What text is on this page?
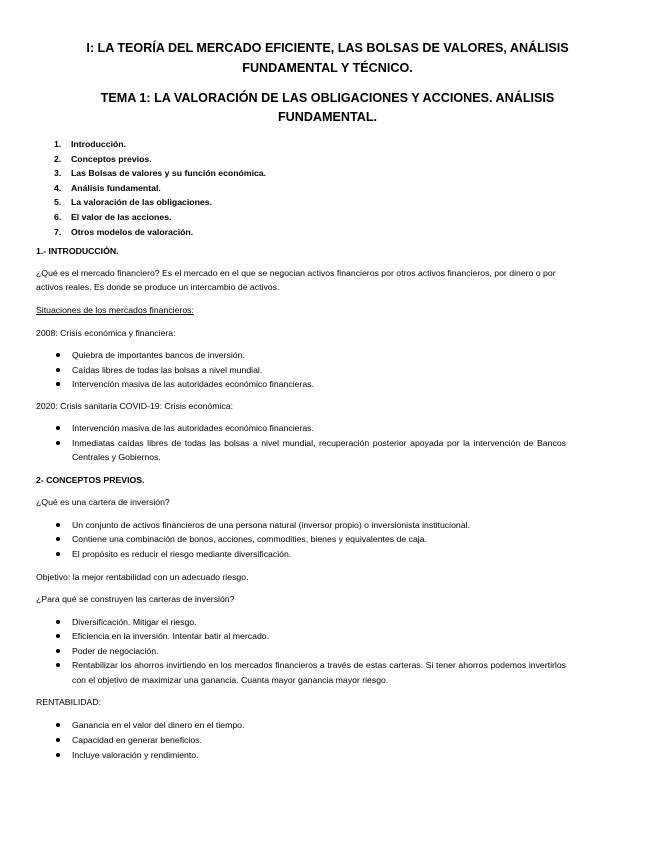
I: LA TEORÍA DEL MERCADO EFICIENTE, LAS BOLSAS DE VALORES, ANÁLISIS
FUNDAMENTAL Y TÉCNICO.
TEMA 1: LA VALORACIÓN DE LAS OBLIGACIONES Y ACCIONES. ANÁLISIS
FUNDAMENTAL.
1. Introducción.
2. Conceptos previos.
3. Las Bolsas de valores y su función económica.
4. Análisis fundamental.
5. La valoración de las obligaciones.
6. El valor de las acciones.
7. Otros modelos de valoración.

1.- INTRODUCCIÓN.

¿Qué es el mercado financiero? Es el mercado en el que se negocian activos financieros por otros activos financieros, por dinero o por activos reales. Es donde se produce un intercambio de activos.

Situaciones de los mercados financieros:

2008: Crisis económica y financiera:

Quiebra de importantes bancos de inversión.
Caídas libres de todas las bolsas a nivel mundial.
Intervención masiva de las autoridades económico financieras.

2020: Crisis sanitaria COVID-19: Crisis económica:

Intervención masiva de las autoridades económico financieras.
Inmediatas caídas libres de todas las bolsas a nivel mundial, recuperación posterior apoyada por la intervención de Bancos Centrales y Gobiernos.

2- CONCEPTOS PREVIOS.

¿Qué es una cartera de inversión?

Un conjunto de activos financieros de una persona natural (inversor propio) o inversionista institucional.
Contiene una combinación de bonos, acciones, commodities, bienes y equivalentes de caja.
El propósito es reducir el riesgo mediante diversificación.

Objetivo: la mejor rentabilidad con un adecuado riesgo.

¿Para qué se construyen las carteras de inversión?

Diversificación. Mitigar el riesgo.
Eficiencia en la inversión. Intentar batir al mercado.
Poder de negociación.
Rentabilizar los ahorros invirtiendo en los mercados financieros a través de estas carteras. Si tener ahorros podemos invertirlos con el objetivo de maximizar una ganancia. Cuanta mayor ganancia mayor riesgo.

RENTABILIDAD:

Ganancia en el valor del dinero en el tiempo.
Capacidad en generar beneficios.
Incluye valoración y rendimiento.
